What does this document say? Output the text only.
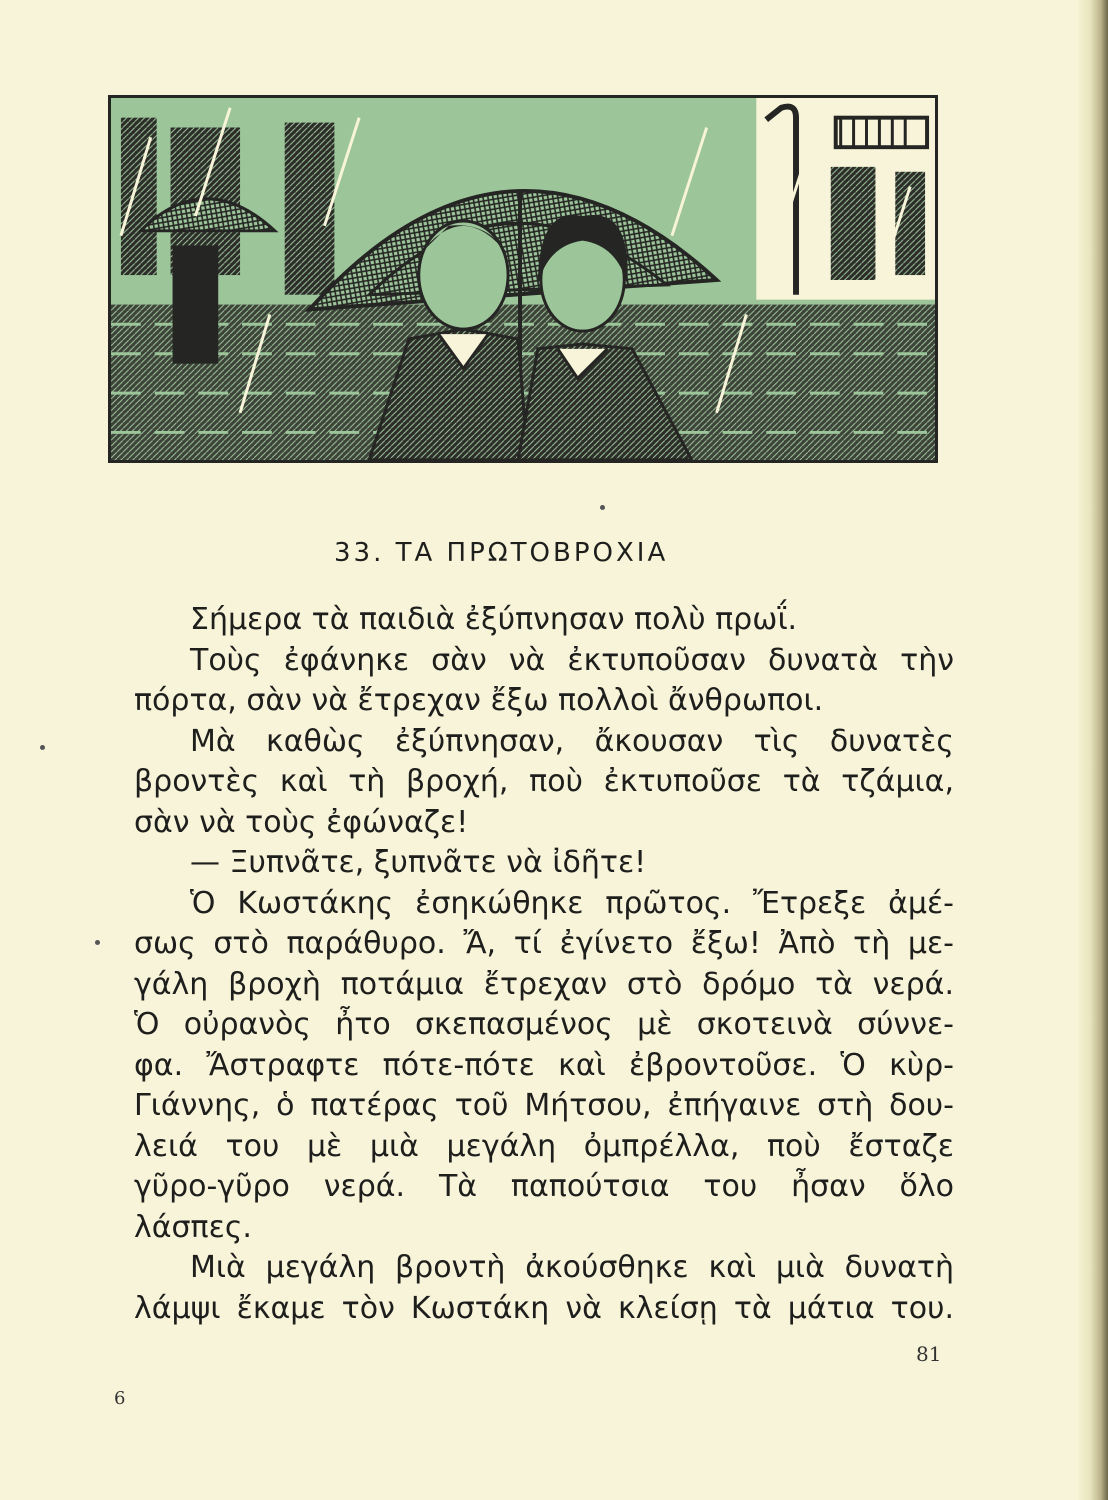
33. ΤΑ ΠΡΩΤΟΒΡΟΧΙΑ
Σήμερα τὰ παιδιὰ ἐξύπνησαν πολὺ πρωΐ.
Τοὺς ἐφάνηκε σὰν νὰ ἐκτυποῦσαν δυνατὰ τὴν
πόρτα, σὰν νὰ ἔτρεχαν ἔξω πολλοὶ ἄνθρωποι.
Μὰ καθὼς ἐξύπνησαν, ἄκουσαν τὶς δυνατὲς
βροντὲς καὶ τὴ βροχή, ποὺ ἐκτυποῦσε τὰ τζάμια,
σὰν νὰ τοὺς ἐφώναζε!
— Ξυπνᾶτε, ξυπνᾶτε νὰ ἰδῆτε!
Ὁ Κωστάκης ἐσηκώθηκε πρῶτος. Ἔτρεξε ἀμέ-
σως στὸ παράθυρο. Ἄ, τί ἐγίνετο ἔξω! Ἀπὸ τὴ με-
γάλη βροχὴ ποτάμια ἔτρεχαν στὸ δρόμο τὰ νερά.
Ὁ οὐρανὸς ἦτο σκεπασμένος μὲ σκοτεινὰ σύννε-
φα. Ἄστραφτε πότε-πότε καὶ ἐβροντοῦσε. Ὁ κὺρ-
Γιάννης, ὁ πατέρας τοῦ Μήτσου, ἐπήγαινε στὴ δου-
λειά του μὲ μιὰ μεγάλη ὀμπρέλλα, ποὺ ἔσταζε
γῦρο-γῦρο νερά. Τὰ παπούτσια του ἦσαν ὅλο
λάσπες.
Μιὰ μεγάλη βροντὴ ἀκούσθηκε καὶ μιὰ δυνατὴ
λάμψι ἔκαμε τὸν Κωστάκη νὰ κλείσῃ τὰ μάτια του.
81
6
